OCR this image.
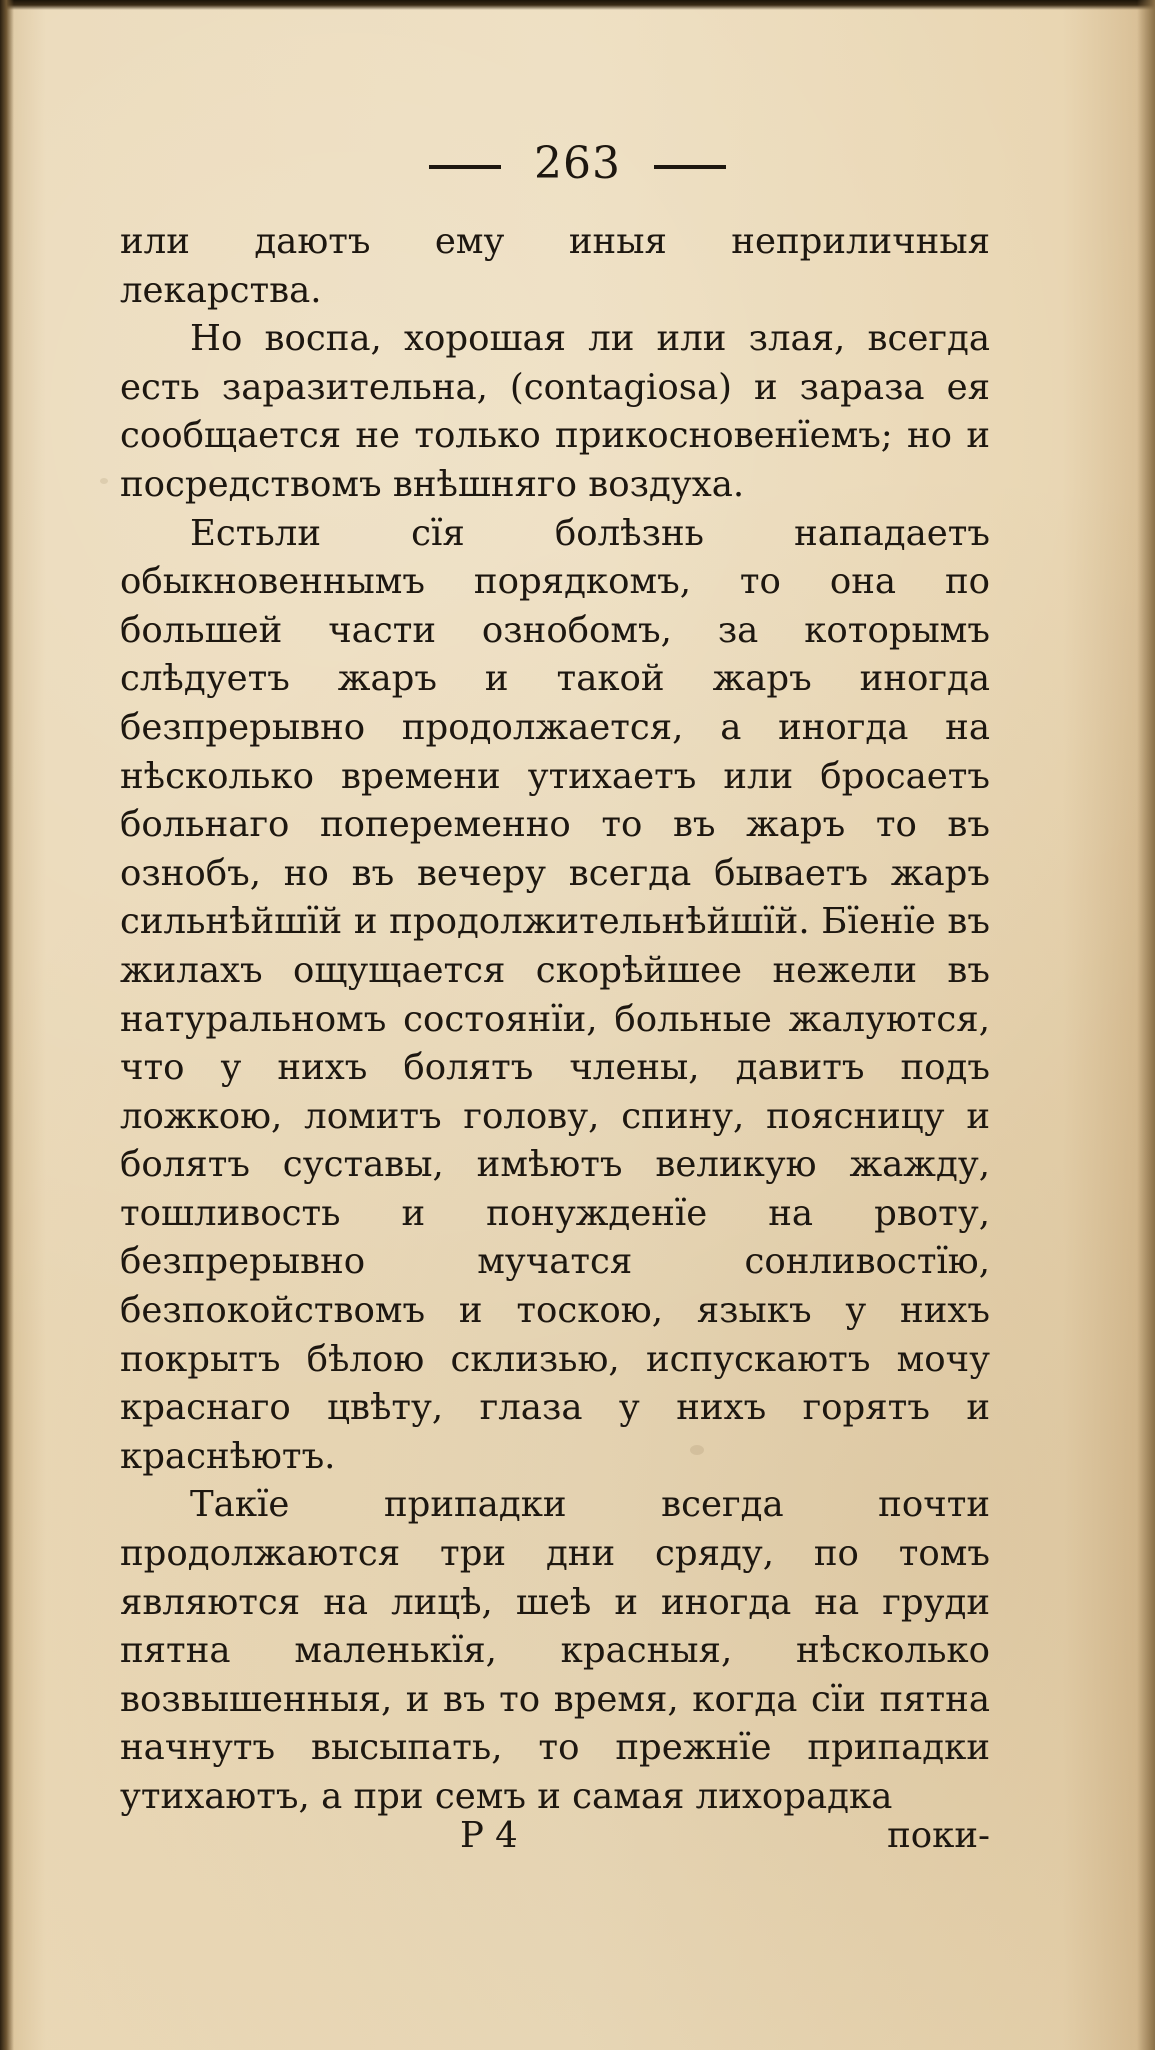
263

или даютъ ему иныя неприличныя лекарства.

Но воспа, хорошая ли или злая, всегда есть заразительна, (contagiosa) и зараза ея сообщается не только прикосновенïемъ; но и посредствомъ внѣшняго воздуха.

Естьли сïя болѣзнь нападаетъ обыкновеннымъ порядкомъ, то она по большей части ознобомъ, за которымъ слѣдуетъ жаръ и такой жаръ иногда безпрерывно продолжается, а иногда на нѣсколько времени утихаетъ или бросаетъ больнаго попеременно то въ жаръ то въ ознобъ, но въ вечеру всегда бываетъ жаръ сильнѣйшïй и продолжительнѣйшïй. Бïенïе въ жилахъ ощущается скорѣйшее нежели въ натуральномъ состоянïи, больные жалуются, что у нихъ болятъ члены, давитъ подъ ложкою, ломитъ голову, спину, поясницу и болятъ суставы, имѣютъ великую жажду, тошливость и понужденïе на рвоту, безпрерывно мучатся сонливостïю, безпокойствомъ и тоскою, языкъ у нихъ покрытъ бѣлою склизью, испускаютъ мочу краснаго цвѣту, глаза у нихъ горятъ и краснѣютъ.

Такïе припадки всегда почти продолжаются три дни сряду, по томъ являются на лицѣ, шеѣ и иногда на груди пятна маленькïя, красныя, нѣсколько возвышенныя, и въ то время, когда сïи пятна начнутъ высыпать, то прежнïе припадки утихаютъ, а при семъ и самая лихорадка

Р 4	поки-
